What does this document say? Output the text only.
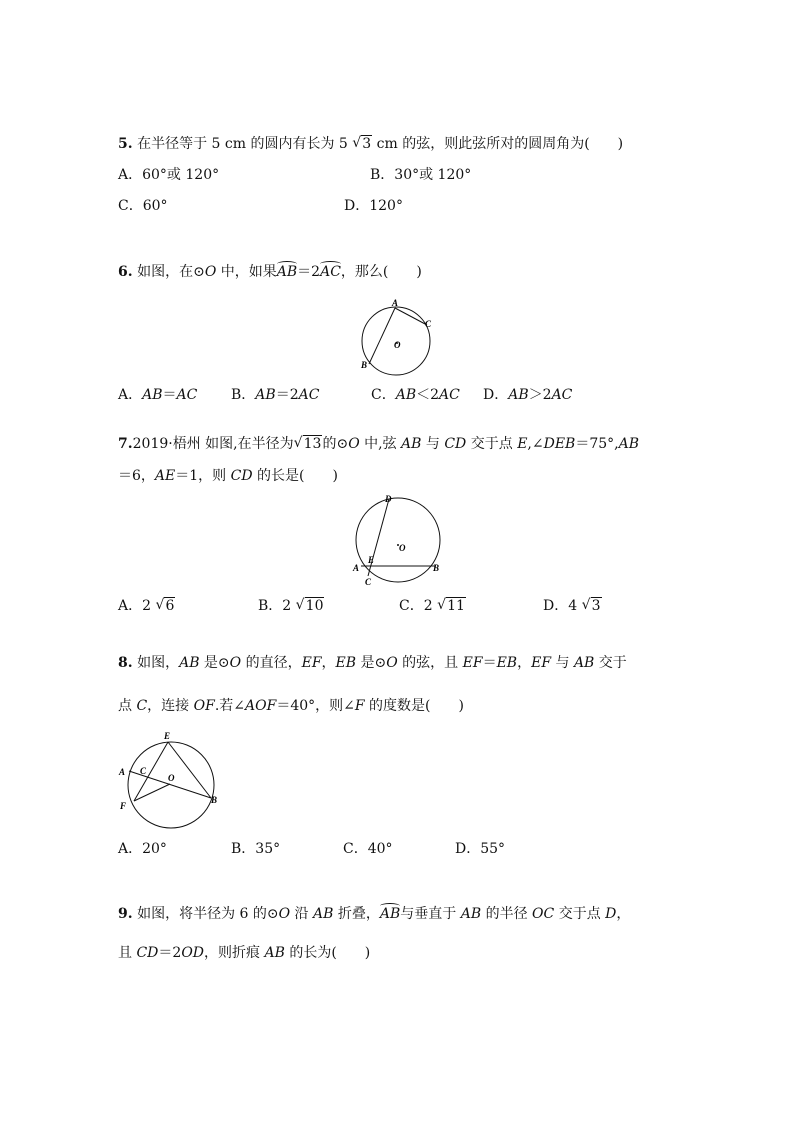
5. 在半径等于 5 cm 的圆内有长为 5 √ 3 cm 的弦，则此弦所对的圆周角为(　　)
A．60°或 120°	B．30°或 120°
C．60°	D．120°
6. 如图，在⊙O 中，如果AB＝2AC，那么(　　)
A
C
O
B
A．AB＝AC B．AB＝2AC	C．AB＜2AC D．AB＞2AC
7.2019·梧州 如图,在半径为√ 13的⊙O 中,弦 AB 与 CD 交于点 E,∠DEB＝75°,AB
＝6，AE＝1，则 CD 的长是(　　)
D
O
E
A
C
B
A．2 √ 6	B．2 √ 10	C．2 √ 11	D．4 √ 3
8. 如图，AB 是⊙O 的直径，EF，EB 是⊙O 的弦，且 EF＝EB，EF 与 AB 交于
点 C，连接 OF.若∠AOF＝40°，则∠F 的度数是(　　)
E
A C
O
F
B
A．20°	B．35°	C．40°	D．55°
9. 如图，将半径为 6 的⊙O 沿 AB 折叠，AB与垂直于 AB 的半径 OC 交于点 D，
且 CD＝2OD，则折痕 AB 的长为(　　)
